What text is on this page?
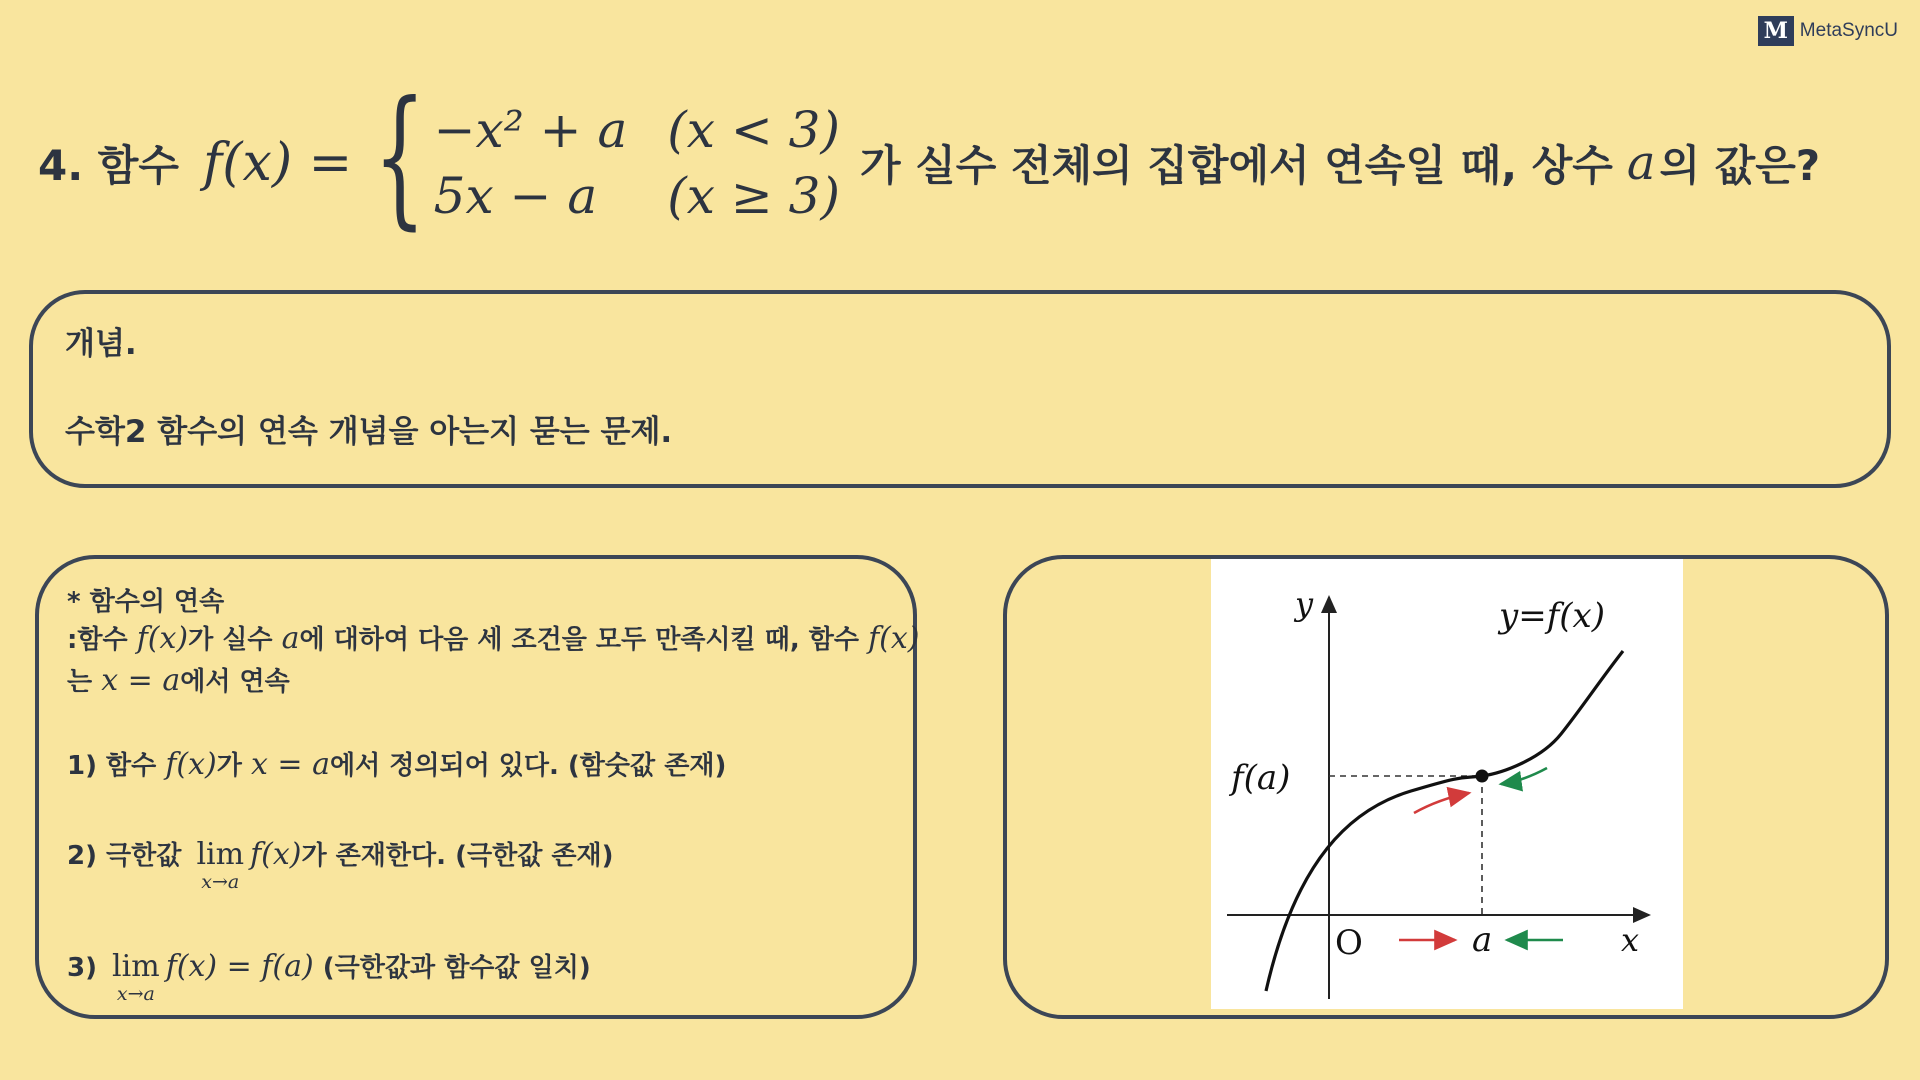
M MetaSyncU
4. 함수 f(x) = { −x² + a (x < 3)
5x − a	(x ≥ 3)
가 실수 전체의 집합에서 연속일 때, 상수 a 의 값은?
개념.
수학2 함수의 연속 개념을 아는지 묻는 문제.
* 함수의 연속
:함수 f(x)가 실수 a에 대하여 다음 세 조건을 모두 만족시킬 때, 함수 f(x)
는 x = a에서 연속
1) 함수 f(x)가 x = a에서 정의되어 있다. (함숫값 존재)
2) 극한값 lim
x→a
f(x)가 존재한다. (극한값 존재)
3) lim
x→a
f(x) = f(a) (극한값과 함수값 일치)
y
x
O
y=f(x)
f(a)
a
